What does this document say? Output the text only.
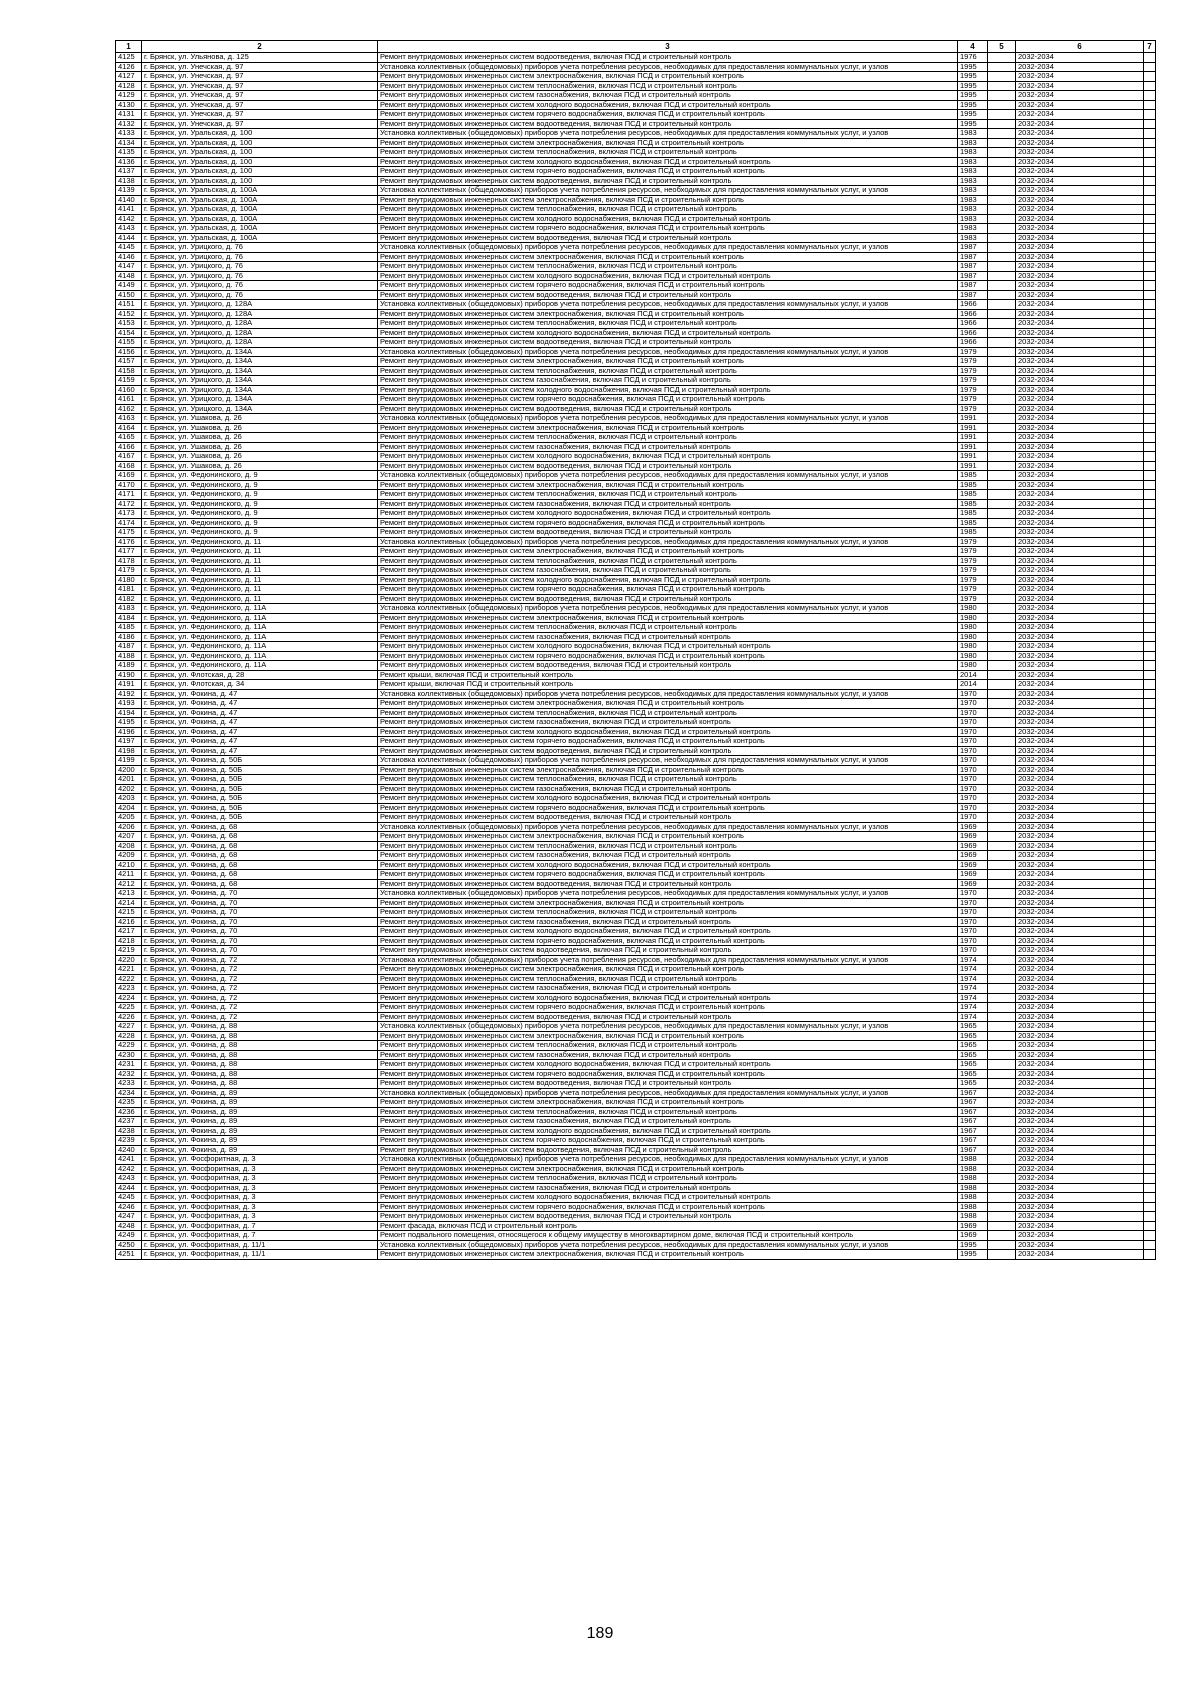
1	2	3	4	5	6	7
4125	г. Брянск, ул. Ульянова, д. 125	Ремонт внутридомовых инженерных систем водоотведения, включая ПСД и строительный контроль	1976		2032-2034	
4126	г. Брянск, ул. Унечская, д. 97	Установка коллективных (общедомовых) приборов учета потребления ресурсов, необходимых для предоставления коммунальных услуг, и узлов	1995		2032-2034	
4127	г. Брянск, ул. Унечская, д. 97	Ремонт внутридомовых инженерных систем электроснабжения, включая ПСД и строительный контроль	1995		2032-2034	
4128	г. Брянск, ул. Унечская, д. 97	Ремонт внутридомовых инженерных систем теплоснабжения, включая ПСД и строительный контроль	1995		2032-2034	
4129	г. Брянск, ул. Унечская, д. 97	Ремонт внутридомовых инженерных систем газоснабжения, включая ПСД и строительный контроль	1995		2032-2034	
4130	г. Брянск, ул. Унечская, д. 97	Ремонт внутридомовых инженерных систем холодного водоснабжения, включая ПСД и строительный контроль	1995		2032-2034	
4131	г. Брянск, ул. Унечская, д. 97	Ремонт внутридомовых инженерных систем горячего водоснабжения, включая ПСД и строительный контроль	1995		2032-2034	
4132	г. Брянск, ул. Унечская, д. 97	Ремонт внутридомовых инженерных систем водоотведения, включая ПСД и строительный контроль	1995		2032-2034	
4133	г. Брянск, ул. Уральская, д. 100	Установка коллективных (общедомовых) приборов учета потребления ресурсов, необходимых для предоставления коммунальных услуг, и узлов	1983		2032-2034	
4134	г. Брянск, ул. Уральская, д. 100	Ремонт внутридомовых инженерных систем электроснабжения, включая ПСД и строительный контроль	1983		2032-2034	
4135	г. Брянск, ул. Уральская, д. 100	Ремонт внутридомовых инженерных систем теплоснабжения, включая ПСД и строительный контроль	1983		2032-2034	
4136	г. Брянск, ул. Уральская, д. 100	Ремонт внутридомовых инженерных систем холодного водоснабжения, включая ПСД и строительный контроль	1983		2032-2034	
4137	г. Брянск, ул. Уральская, д. 100	Ремонт внутридомовых инженерных систем горячего водоснабжения, включая ПСД и строительный контроль	1983		2032-2034	
4138	г. Брянск, ул. Уральская, д. 100	Ремонт внутридомовых инженерных систем водоотведения, включая ПСД и строительный контроль	1983		2032-2034	
4139	г. Брянск, ул. Уральская, д. 100А	Установка коллективных (общедомовых) приборов учета потребления ресурсов, необходимых для предоставления коммунальных услуг, и узлов	1983		2032-2034	
4140	г. Брянск, ул. Уральская, д. 100А	Ремонт внутридомовых инженерных систем электроснабжения, включая ПСД и строительный контроль	1983		2032-2034	
4141	г. Брянск, ул. Уральская, д. 100А	Ремонт внутридомовых инженерных систем теплоснабжения, включая ПСД и строительный контроль	1983		2032-2034	
4142	г. Брянск, ул. Уральская, д. 100А	Ремонт внутридомовых инженерных систем холодного водоснабжения, включая ПСД и строительный контроль	1983		2032-2034	
4143	г. Брянск, ул. Уральская, д. 100А	Ремонт внутридомовых инженерных систем горячего водоснабжения, включая ПСД и строительный контроль	1983		2032-2034	
4144	г. Брянск, ул. Уральская, д. 100А	Ремонт внутридомовых инженерных систем водоотведения, включая ПСД и строительный контроль	1983		2032-2034	
4145	г. Брянск, ул. Урицкого, д. 76	Установка коллективных (общедомовых) приборов учета потребления ресурсов, необходимых для предоставления коммунальных услуг, и узлов	1987		2032-2034	
4146	г. Брянск, ул. Урицкого, д. 76	Ремонт внутридомовых инженерных систем электроснабжения, включая ПСД и строительный контроль	1987		2032-2034	
4147	г. Брянск, ул. Урицкого, д. 76	Ремонт внутридомовых инженерных систем теплоснабжения, включая ПСД и строительный контроль	1987		2032-2034	
4148	г. Брянск, ул. Урицкого, д. 76	Ремонт внутридомовых инженерных систем холодного водоснабжения, включая ПСД и строительный контроль	1987		2032-2034	
4149	г. Брянск, ул. Урицкого, д. 76	Ремонт внутридомовых инженерных систем горячего водоснабжения, включая ПСД и строительный контроль	1987		2032-2034	
4150	г. Брянск, ул. Урицкого, д. 76	Ремонт внутридомовых инженерных систем водоотведения, включая ПСД и строительный контроль	1987		2032-2034	
4151	г. Брянск, ул. Урицкого, д. 128А	Установка коллективных (общедомовых) приборов учета потребления ресурсов, необходимых для предоставления коммунальных услуг, и узлов	1966		2032-2034	
4152	г. Брянск, ул. Урицкого, д. 128А	Ремонт внутридомовых инженерных систем электроснабжения, включая ПСД и строительный контроль	1966		2032-2034	
4153	г. Брянск, ул. Урицкого, д. 128А	Ремонт внутридомовых инженерных систем теплоснабжения, включая ПСД и строительный контроль	1966		2032-2034	
4154	г. Брянск, ул. Урицкого, д. 128А	Ремонт внутридомовых инженерных систем холодного водоснабжения, включая ПСД и строительный контроль	1966		2032-2034	
4155	г. Брянск, ул. Урицкого, д. 128А	Ремонт внутридомовых инженерных систем водоотведения, включая ПСД и строительный контроль	1966		2032-2034	
4156	г. Брянск, ул. Урицкого, д. 134А	Установка коллективных (общедомовых) приборов учета потребления ресурсов, необходимых для предоставления коммунальных услуг, и узлов	1979		2032-2034	
4157	г. Брянск, ул. Урицкого, д. 134А	Ремонт внутридомовых инженерных систем электроснабжения, включая ПСД и строительный контроль	1979		2032-2034	
4158	г. Брянск, ул. Урицкого, д. 134А	Ремонт внутридомовых инженерных систем теплоснабжения, включая ПСД и строительный контроль	1979		2032-2034	
4159	г. Брянск, ул. Урицкого, д. 134А	Ремонт внутридомовых инженерных систем газоснабжения, включая ПСД и строительный контроль	1979		2032-2034	
4160	г. Брянск, ул. Урицкого, д. 134А	Ремонт внутридомовых инженерных систем холодного водоснабжения, включая ПСД и строительный контроль	1979		2032-2034	
4161	г. Брянск, ул. Урицкого, д. 134А	Ремонт внутридомовых инженерных систем горячего водоснабжения, включая ПСД и строительный контроль	1979		2032-2034	
4162	г. Брянск, ул. Урицкого, д. 134А	Ремонт внутридомовых инженерных систем водоотведения, включая ПСД и строительный контроль	1979		2032-2034	
4163	г. Брянск, ул. Ушакова, д. 26	Установка коллективных (общедомовых) приборов учета потребления ресурсов, необходимых для предоставления коммунальных услуг, и узлов	1991		2032-2034	
4164	г. Брянск, ул. Ушакова, д. 26	Ремонт внутридомовых инженерных систем электроснабжения, включая ПСД и строительный контроль	1991		2032-2034	
4165	г. Брянск, ул. Ушакова, д. 26	Ремонт внутридомовых инженерных систем теплоснабжения, включая ПСД и строительный контроль	1991		2032-2034	
4166	г. Брянск, ул. Ушакова, д. 26	Ремонт внутридомовых инженерных систем газоснабжения, включая ПСД и строительный контроль	1991		2032-2034	
4167	г. Брянск, ул. Ушакова, д. 26	Ремонт внутридомовых инженерных систем холодного водоснабжения, включая ПСД и строительный контроль	1991		2032-2034	
4168	г. Брянск, ул. Ушакова, д. 26	Ремонт внутридомовых инженерных систем водоотведения, включая ПСД и строительный контроль	1991		2032-2034	
4169	г. Брянск, ул. Федюнинского, д. 9	Установка коллективных (общедомовых) приборов учета потребления ресурсов, необходимых для предоставления коммунальных услуг, и узлов	1985		2032-2034	
4170	г. Брянск, ул. Федюнинского, д. 9	Ремонт внутридомовых инженерных систем электроснабжения, включая ПСД и строительный контроль	1985		2032-2034	
4171	г. Брянск, ул. Федюнинского, д. 9	Ремонт внутридомовых инженерных систем теплоснабжения, включая ПСД и строительный контроль	1985		2032-2034	
4172	г. Брянск, ул. Федюнинского, д. 9	Ремонт внутридомовых инженерных систем газоснабжения, включая ПСД и строительный контроль	1985		2032-2034	
4173	г. Брянск, ул. Федюнинского, д. 9	Ремонт внутридомовых инженерных систем холодного водоснабжения, включая ПСД и строительный контроль	1985		2032-2034	
4174	г. Брянск, ул. Федюнинского, д. 9	Ремонт внутридомовых инженерных систем горячего водоснабжения, включая ПСД и строительный контроль	1985		2032-2034	
4175	г. Брянск, ул. Федюнинского, д. 9	Ремонт внутридомовых инженерных систем водоотведения, включая ПСД и строительный контроль	1985		2032-2034	
4176	г. Брянск, ул. Федюнинского, д. 11	Установка коллективных (общедомовых) приборов учета потребления ресурсов, необходимых для предоставления коммунальных услуг, и узлов	1979		2032-2034	
4177	г. Брянск, ул. Федюнинского, д. 11	Ремонт внутридомовых инженерных систем электроснабжения, включая ПСД и строительный контроль	1979		2032-2034	
4178	г. Брянск, ул. Федюнинского, д. 11	Ремонт внутридомовых инженерных систем теплоснабжения, включая ПСД и строительный контроль	1979		2032-2034	
4179	г. Брянск, ул. Федюнинского, д. 11	Ремонт внутридомовых инженерных систем газоснабжения, включая ПСД и строительный контроль	1979		2032-2034	
4180	г. Брянск, ул. Федюнинского, д. 11	Ремонт внутридомовых инженерных систем холодного водоснабжения, включая ПСД и строительный контроль	1979		2032-2034	
4181	г. Брянск, ул. Федюнинского, д. 11	Ремонт внутридомовых инженерных систем горячего водоснабжения, включая ПСД и строительный контроль	1979		2032-2034	
4182	г. Брянск, ул. Федюнинского, д. 11	Ремонт внутридомовых инженерных систем водоотведения, включая ПСД и строительный контроль	1979		2032-2034	
4183	г. Брянск, ул. Федюнинского, д. 11А	Установка коллективных (общедомовых) приборов учета потребления ресурсов, необходимых для предоставления коммунальных услуг, и узлов	1980		2032-2034	
4184	г. Брянск, ул. Федюнинского, д. 11А	Ремонт внутридомовых инженерных систем электроснабжения, включая ПСД и строительный контроль	1980		2032-2034	
4185	г. Брянск, ул. Федюнинского, д. 11А	Ремонт внутридомовых инженерных систем теплоснабжения, включая ПСД и строительный контроль	1980		2032-2034	
4186	г. Брянск, ул. Федюнинского, д. 11А	Ремонт внутридомовых инженерных систем газоснабжения, включая ПСД и строительный контроль	1980		2032-2034	
4187	г. Брянск, ул. Федюнинского, д. 11А	Ремонт внутридомовых инженерных систем холодного водоснабжения, включая ПСД и строительный контроль	1980		2032-2034	
4188	г. Брянск, ул. Федюнинского, д. 11А	Ремонт внутридомовых инженерных систем горячего водоснабжения, включая ПСД и строительный контроль	1980		2032-2034	
4189	г. Брянск, ул. Федюнинского, д. 11А	Ремонт внутридомовых инженерных систем водоотведения, включая ПСД и строительный контроль	1980		2032-2034	
4190	г. Брянск, ул. Флотская, д. 28	Ремонт крыши, включая ПСД и строительный контроль	2014		2032-2034	
4191	г. Брянск, ул. Флотская, д. 34	Ремонт крыши, включая ПСД и строительный контроль	2014		2032-2034	
4192	г. Брянск, ул. Фокина, д. 47	Установка коллективных (общедомовых) приборов учета потребления ресурсов, необходимых для предоставления коммунальных услуг, и узлов	1970		2032-2034	
4193	г. Брянск, ул. Фокина, д. 47	Ремонт внутридомовых инженерных систем электроснабжения, включая ПСД и строительный контроль	1970		2032-2034	
4194	г. Брянск, ул. Фокина, д. 47	Ремонт внутридомовых инженерных систем теплоснабжения, включая ПСД и строительный контроль	1970		2032-2034	
4195	г. Брянск, ул. Фокина, д. 47	Ремонт внутридомовых инженерных систем газоснабжения, включая ПСД и строительный контроль	1970		2032-2034	
4196	г. Брянск, ул. Фокина, д. 47	Ремонт внутридомовых инженерных систем холодного водоснабжения, включая ПСД и строительный контроль	1970		2032-2034	
4197	г. Брянск, ул. Фокина, д. 47	Ремонт внутридомовых инженерных систем горячего водоснабжения, включая ПСД и строительный контроль	1970		2032-2034	
4198	г. Брянск, ул. Фокина, д. 47	Ремонт внутридомовых инженерных систем водоотведения, включая ПСД и строительный контроль	1970		2032-2034	
4199	г. Брянск, ул. Фокина, д. 50Б	Установка коллективных (общедомовых) приборов учета потребления ресурсов, необходимых для предоставления коммунальных услуг, и узлов	1970		2032-2034	
4200	г. Брянск, ул. Фокина, д. 50Б	Ремонт внутридомовых инженерных систем электроснабжения, включая ПСД и строительный контроль	1970		2032-2034	
4201	г. Брянск, ул. Фокина, д. 50Б	Ремонт внутридомовых инженерных систем теплоснабжения, включая ПСД и строительный контроль	1970		2032-2034	
4202	г. Брянск, ул. Фокина, д. 50Б	Ремонт внутридомовых инженерных систем газоснабжения, включая ПСД и строительный контроль	1970		2032-2034	
4203	г. Брянск, ул. Фокина, д. 50Б	Ремонт внутридомовых инженерных систем холодного водоснабжения, включая ПСД и строительный контроль	1970		2032-2034	
4204	г. Брянск, ул. Фокина, д. 50Б	Ремонт внутридомовых инженерных систем горячего водоснабжения, включая ПСД и строительный контроль	1970		2032-2034	
4205	г. Брянск, ул. Фокина, д. 50Б	Ремонт внутридомовых инженерных систем водоотведения, включая ПСД и строительный контроль	1970		2032-2034	
4206	г. Брянск, ул. Фокина, д. 68	Установка коллективных (общедомовых) приборов учета потребления ресурсов, необходимых для предоставления коммунальных услуг, и узлов	1969		2032-2034	
4207	г. Брянск, ул. Фокина, д. 68	Ремонт внутридомовых инженерных систем электроснабжения, включая ПСД и строительный контроль	1969		2032-2034	
4208	г. Брянск, ул. Фокина, д. 68	Ремонт внутридомовых инженерных систем теплоснабжения, включая ПСД и строительный контроль	1969		2032-2034	
4209	г. Брянск, ул. Фокина, д. 68	Ремонт внутридомовых инженерных систем газоснабжения, включая ПСД и строительный контроль	1969		2032-2034	
4210	г. Брянск, ул. Фокина, д. 68	Ремонт внутридомовых инженерных систем холодного водоснабжения, включая ПСД и строительный контроль	1969		2032-2034	
4211	г. Брянск, ул. Фокина, д. 68	Ремонт внутридомовых инженерных систем горячего водоснабжения, включая ПСД и строительный контроль	1969		2032-2034	
4212	г. Брянск, ул. Фокина, д. 68	Ремонт внутридомовых инженерных систем водоотведения, включая ПСД и строительный контроль	1969		2032-2034	
4213	г. Брянск, ул. Фокина, д. 70	Установка коллективных (общедомовых) приборов учета потребления ресурсов, необходимых для предоставления коммунальных услуг, и узлов	1970		2032-2034	
4214	г. Брянск, ул. Фокина, д. 70	Ремонт внутридомовых инженерных систем электроснабжения, включая ПСД и строительный контроль	1970		2032-2034	
4215	г. Брянск, ул. Фокина, д. 70	Ремонт внутридомовых инженерных систем теплоснабжения, включая ПСД и строительный контроль	1970		2032-2034	
4216	г. Брянск, ул. Фокина, д. 70	Ремонт внутридомовых инженерных систем газоснабжения, включая ПСД и строительный контроль	1970		2032-2034	
4217	г. Брянск, ул. Фокина, д. 70	Ремонт внутридомовых инженерных систем холодного водоснабжения, включая ПСД и строительный контроль	1970		2032-2034	
4218	г. Брянск, ул. Фокина, д. 70	Ремонт внутридомовых инженерных систем горячего водоснабжения, включая ПСД и строительный контроль	1970		2032-2034	
4219	г. Брянск, ул. Фокина, д. 70	Ремонт внутридомовых инженерных систем водоотведения, включая ПСД и строительный контроль	1970		2032-2034	
4220	г. Брянск, ул. Фокина, д. 72	Установка коллективных (общедомовых) приборов учета потребления ресурсов, необходимых для предоставления коммунальных услуг, и узлов	1974		2032-2034	
4221	г. Брянск, ул. Фокина, д. 72	Ремонт внутридомовых инженерных систем электроснабжения, включая ПСД и строительный контроль	1974		2032-2034	
4222	г. Брянск, ул. Фокина, д. 72	Ремонт внутридомовых инженерных систем теплоснабжения, включая ПСД и строительный контроль	1974		2032-2034	
4223	г. Брянск, ул. Фокина, д. 72	Ремонт внутридомовых инженерных систем газоснабжения, включая ПСД и строительный контроль	1974		2032-2034	
4224	г. Брянск, ул. Фокина, д. 72	Ремонт внутридомовых инженерных систем холодного водоснабжения, включая ПСД и строительный контроль	1974		2032-2034	
4225	г. Брянск, ул. Фокина, д. 72	Ремонт внутридомовых инженерных систем горячего водоснабжения, включая ПСД и строительный контроль	1974		2032-2034	
4226	г. Брянск, ул. Фокина, д. 72	Ремонт внутридомовых инженерных систем водоотведения, включая ПСД и строительный контроль	1974		2032-2034	
4227	г. Брянск, ул. Фокина, д. 88	Установка коллективных (общедомовых) приборов учета потребления ресурсов, необходимых для предоставления коммунальных услуг, и узлов	1965		2032-2034	
4228	г. Брянск, ул. Фокина, д. 88	Ремонт внутридомовых инженерных систем электроснабжения, включая ПСД и строительный контроль	1965		2032-2034	
4229	г. Брянск, ул. Фокина, д. 88	Ремонт внутридомовых инженерных систем теплоснабжения, включая ПСД и строительный контроль	1965		2032-2034	
4230	г. Брянск, ул. Фокина, д. 88	Ремонт внутридомовых инженерных систем газоснабжения, включая ПСД и строительный контроль	1965		2032-2034	
4231	г. Брянск, ул. Фокина, д. 88	Ремонт внутридомовых инженерных систем холодного водоснабжения, включая ПСД и строительный контроль	1965		2032-2034	
4232	г. Брянск, ул. Фокина, д. 88	Ремонт внутридомовых инженерных систем горячего водоснабжения, включая ПСД и строительный контроль	1965		2032-2034	
4233	г. Брянск, ул. Фокина, д. 88	Ремонт внутридомовых инженерных систем водоотведения, включая ПСД и строительный контроль	1965		2032-2034	
4234	г. Брянск, ул. Фокина, д. 89	Установка коллективных (общедомовых) приборов учета потребления ресурсов, необходимых для предоставления коммунальных услуг, и узлов	1967		2032-2034	
4235	г. Брянск, ул. Фокина, д. 89	Ремонт внутридомовых инженерных систем электроснабжения, включая ПСД и строительный контроль	1967		2032-2034	
4236	г. Брянск, ул. Фокина, д. 89	Ремонт внутридомовых инженерных систем теплоснабжения, включая ПСД и строительный контроль	1967		2032-2034	
4237	г. Брянск, ул. Фокина, д. 89	Ремонт внутридомовых инженерных систем газоснабжения, включая ПСД и строительный контроль	1967		2032-2034	
4238	г. Брянск, ул. Фокина, д. 89	Ремонт внутридомовых инженерных систем холодного водоснабжения, включая ПСД и строительный контроль	1967		2032-2034	
4239	г. Брянск, ул. Фокина, д. 89	Ремонт внутридомовых инженерных систем горячего водоснабжения, включая ПСД и строительный контроль	1967		2032-2034	
4240	г. Брянск, ул. Фокина, д. 89	Ремонт внутридомовых инженерных систем водоотведения, включая ПСД и строительный контроль	1967		2032-2034	
4241	г. Брянск, ул. Фосфоритная, д. 3	Установка коллективных (общедомовых) приборов учета потребления ресурсов, необходимых для предоставления коммунальных услуг, и узлов	1988		2032-2034	
4242	г. Брянск, ул. Фосфоритная, д. 3	Ремонт внутридомовых инженерных систем электроснабжения, включая ПСД и строительный контроль	1988		2032-2034	
4243	г. Брянск, ул. Фосфоритная, д. 3	Ремонт внутридомовых инженерных систем теплоснабжения, включая ПСД и строительный контроль	1988		2032-2034	
4244	г. Брянск, ул. Фосфоритная, д. 3	Ремонт внутридомовых инженерных систем газоснабжения, включая ПСД и строительный контроль	1988		2032-2034	
4245	г. Брянск, ул. Фосфоритная, д. 3	Ремонт внутридомовых инженерных систем холодного водоснабжения, включая ПСД и строительный контроль	1988		2032-2034	
4246	г. Брянск, ул. Фосфоритная, д. 3	Ремонт внутридомовых инженерных систем горячего водоснабжения, включая ПСД и строительный контроль	1988		2032-2034	
4247	г. Брянск, ул. Фосфоритная, д. 3	Ремонт внутридомовых инженерных систем водоотведения, включая ПСД и строительный контроль	1988		2032-2034	
4248	г. Брянск, ул. Фосфоритная, д. 7	Ремонт фасада, включая ПСД и строительный контроль	1969		2032-2034	
4249	г. Брянск, ул. Фосфоритная, д. 7	Ремонт подвального помещения, относящегося к общему имуществу в многоквартирном доме, включая ПСД и строительный контроль	1969		2032-2034	
4250	г. Брянск, ул. Фосфоритная, д. 11/1	Установка коллективных (общедомовых) приборов учета потребления ресурсов, необходимых для предоставления коммунальных услуг, и узлов	1995		2032-2034	
4251	г. Брянск, ул. Фосфоритная, д. 11/1	Ремонт внутридомовых инженерных систем электроснабжения, включая ПСД и строительный контроль	1995		2032-2034	
189
